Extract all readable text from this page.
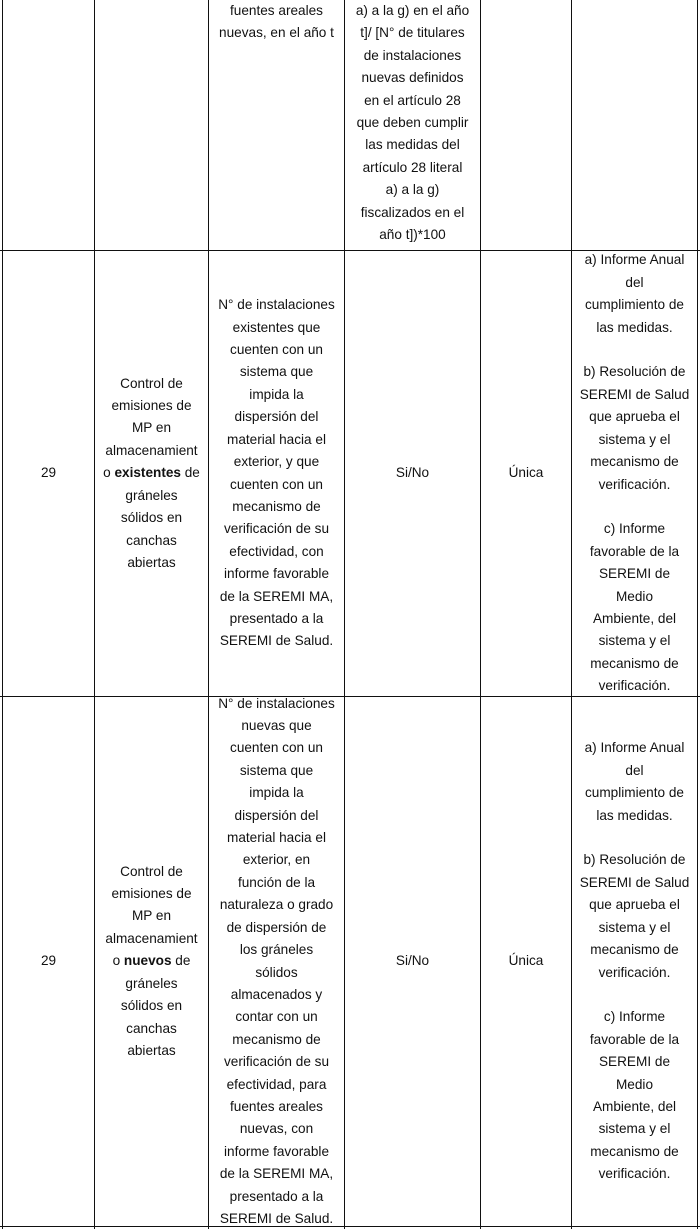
fuentes areales
nuevas, en el año t
a) a la g) en el año
t]/ [N° de titulares
de instalaciones
nuevas definidos
en el artículo 28
que deben cumplir
las medidas del
artículo 28 literal
a) a la g)
fiscalizados en el
año t])*100
29
Control de
emisiones de
MP en
almacenamient
o existentes de
gráneles
sólidos en
canchas
abiertas
N° de instalaciones
existentes que
cuenten con un
sistema que
impida la
dispersión del
material hacia el
exterior, y que
cuenten con un
mecanismo de
verificación de su
efectividad, con
informe favorable
de la SEREMI MA,
presentado a la
SEREMI de Salud.
Si/No	Única
a) Informe Anual
del
cumplimiento de
las medidas.
b) Resolución de
SEREMI de Salud
que aprueba el
sistema y el
mecanismo de
verificación.
c) Informe
favorable de la
SEREMI de
Medio
Ambiente, del
sistema y el
mecanismo de
verificación.
29
Control de
emisiones de
MP en
almacenamient
o nuevos de
gráneles
sólidos en
canchas
abiertas
N° de instalaciones
nuevas que
cuenten con un
sistema que
impida la
dispersión del
material hacia el
exterior, en
función de la
naturaleza o grado
de dispersión de
los gráneles
sólidos
almacenados y
contar con un
mecanismo de
verificación de su
efectividad, para
fuentes areales
nuevas, con
informe favorable
de la SEREMI MA,
presentado a la
SEREMI de Salud.
Si/No	Única
a) Informe Anual
del
cumplimiento de
las medidas.
b) Resolución de
SEREMI de Salud
que aprueba el
sistema y el
mecanismo de
verificación.
c) Informe
favorable de la
SEREMI de
Medio
Ambiente, del
sistema y el
mecanismo de
verificación.
